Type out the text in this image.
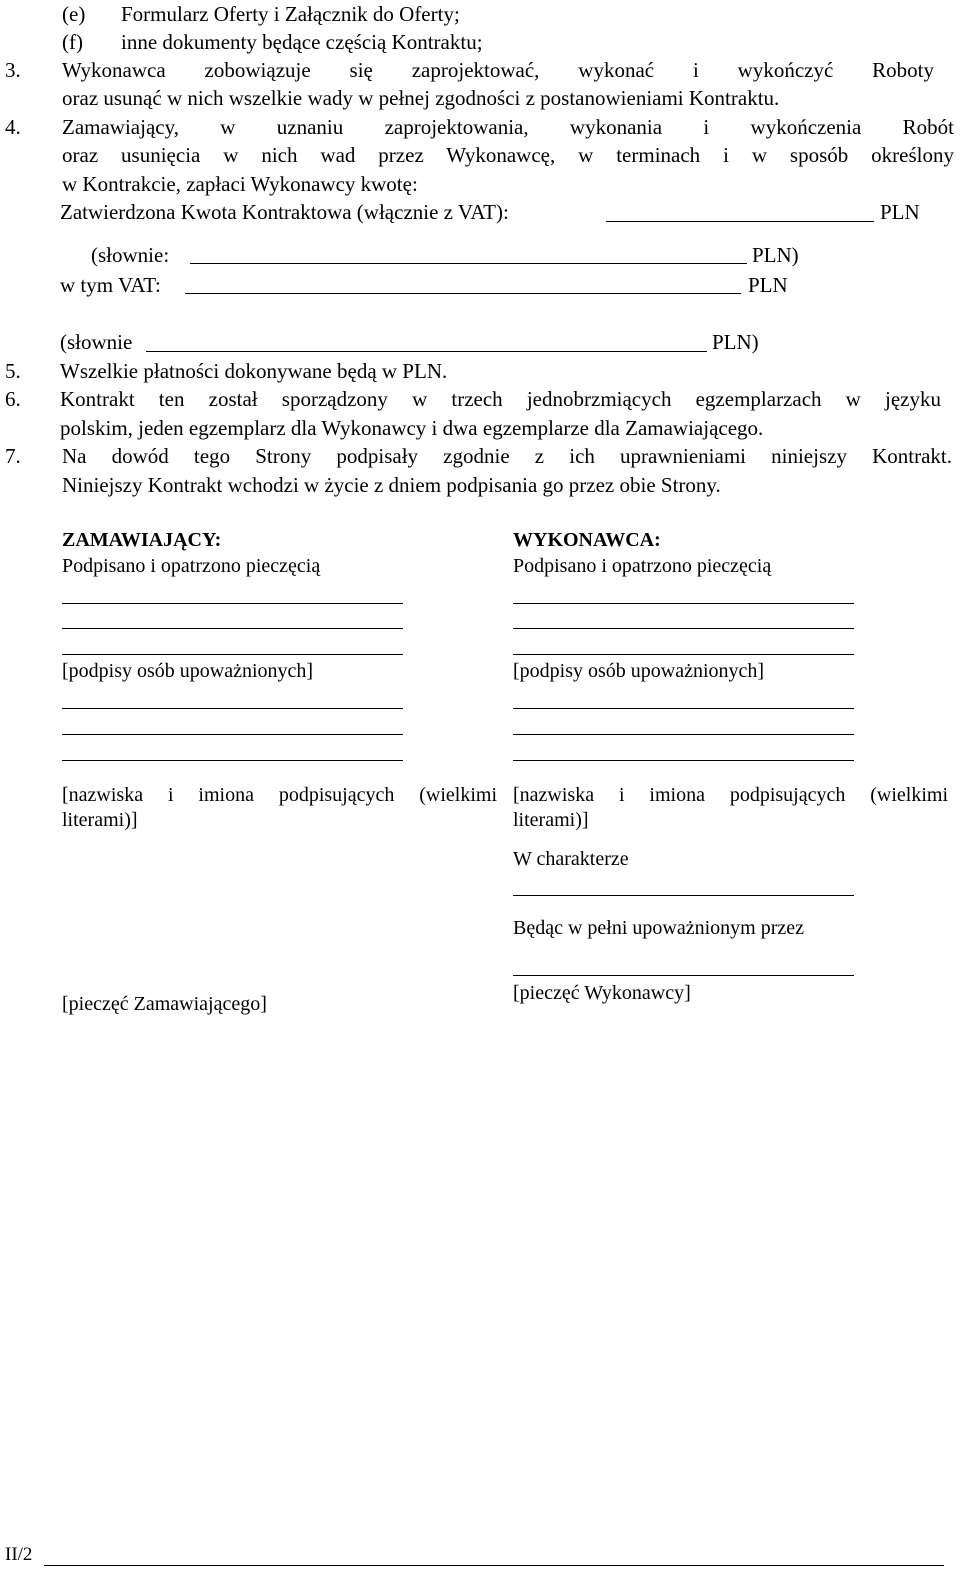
(e) Formularz Oferty i Załącznik do Oferty;
(f) inne dokumenty będące częścią Kontraktu;
3. Wykonawca zobowiązuje się zaprojektować, wykonać i wykończyć Roboty
oraz usunąć w nich wszelkie wady w pełnej zgodności z postanowieniami Kontraktu.
4. Zamawiający, w uznaniu zaprojektowania, wykonania i wykończenia Robót
oraz usunięcia w nich wad przez Wykonawcę, w terminach i w sposób określony
w Kontrakcie, zapłaci Wykonawcy kwotę:
Zatwierdzona Kwota Kontraktowa (włącznie z VAT):	PLN
(słownie:	PLN)
w tym VAT:	PLN
(słownie	PLN)
5. Wszelkie płatności dokonywane będą w PLN.
6. Kontrakt ten został sporządzony w trzech jednobrzmiących egzemplarzach w języku
polskim, jeden egzemplarz dla Wykonawcy i dwa egzemplarze dla Zamawiającego.
7. Na dowód tego Strony podpisały zgodnie z ich uprawnieniami niniejszy Kontrakt.
Niniejszy Kontrakt wchodzi w życie z dniem podpisania go przez obie Strony.
ZAMAWIAJĄCY:
Podpisano i opatrzono pieczęcią
[podpisy osób upoważnionych]
[nazwiska i imiona podpisujących (wielkimi
literami)]
[pieczęć Zamawiającego]
WYKONAWCA:
Podpisano i opatrzono pieczęcią
[podpisy osób upoważnionych]
[nazwiska i imiona podpisujących (wielkimi
literami)]
W charakterze
Będąc w pełni upoważnionym przez
[pieczęć Wykonawcy]
II/2
